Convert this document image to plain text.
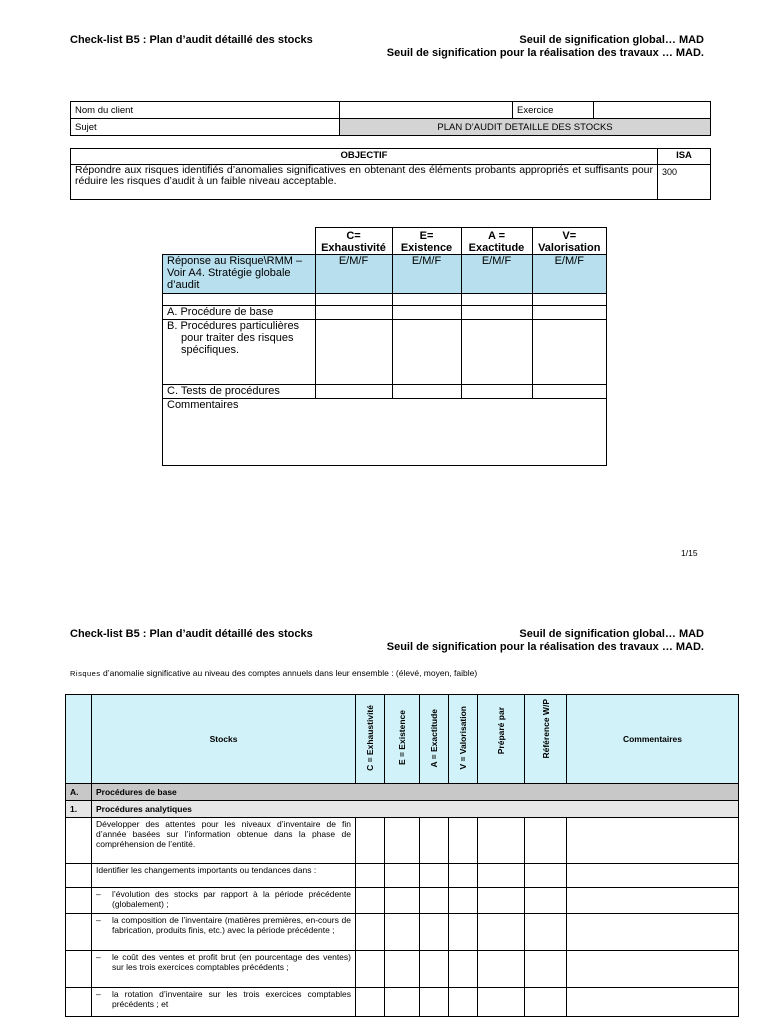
Check-list B5 : Plan d’audit détaillé des stocks	Seuil de signification global… MAD
Seuil de signification pour la réalisation des travaux … MAD.
Nom du client		Exercice	
Sujet	PLAN D’AUDIT DETAILLE DES STOCKS		
OBJECTIF	ISA
Répondre aux risques identifiés d’anomalies significatives en obtenant des éléments probants appropriés et suffisants pour réduire les risques d’audit à un faible niveau acceptable.	300
	C= Exhaustivité	E= Existence	A = Exactitude	V= Valorisation
Réponse au Risque\RMM – Voir A4. Stratégie globale d’audit	E/M/F	E/M/F	E/M/F	E/M/F

A. Procédure de base				

B. Procédures particulières pour traiter des risques spécifiques.				

C. Tests de procédures				
Commentaires				
1/15
Check-list B5 : Plan d’audit détaillé des stocks	Seuil de signification global… MAD
Seuil de signification pour la réalisation des travaux … MAD.
Risques d’anomalie significative au niveau des comptes annuels dans leur ensemble : (élevé, moyen, faible)
	Stocks	C = Exhaustivité	E = Existence	A = Exactitude	V = Valorisation	Préparé par	Référence W/P	Commentaires
A.	Procédures de base							
1.	Procédures analytiques							
	Développer des attentes pour les niveaux d’inventaire de fin d’année basées sur l’information obtenue dans la phase de compréhension de l’entité.							
	Identifier les changements importants ou tendances dans :							

	– l’évolution des stocks par rapport à la période précédente (globalement) ;							

	– la composition de l’inventaire (matières premières, en-cours de fabrication, produits finis, etc.) avec la période précédente ;							

	– le coût des ventes et profit brut (en pourcentage des ventes) sur les trois exercices comptables précédents ;							

	– la rotation d’inventaire sur les trois exercices comptables précédents ; et							
